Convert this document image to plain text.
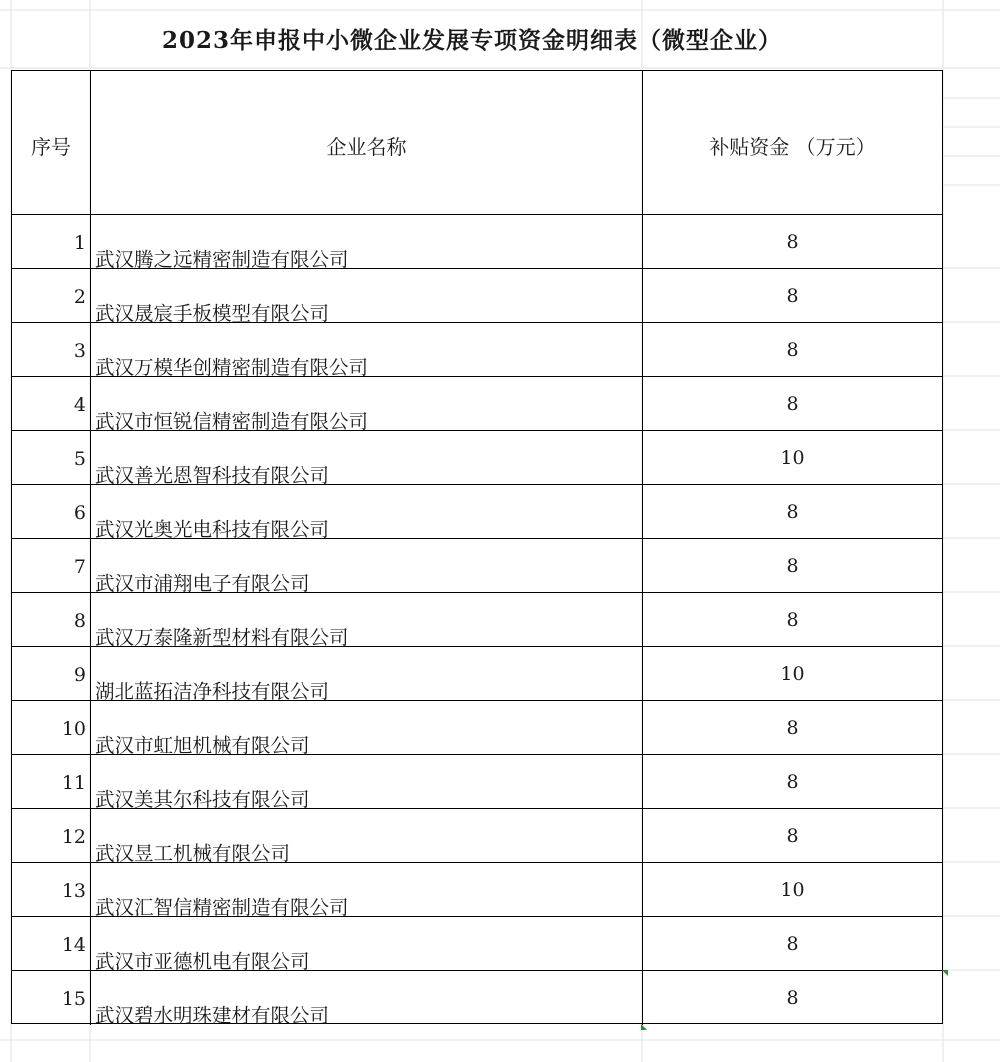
2023年申报中小微企业发展专项资金明细表（微型企业）
序号	企业名称	补贴资金 （万元）
1
武汉腾之远精密制造有限公司
8
2
武汉晟宸手板模型有限公司
8
3
武汉万模华创精密制造有限公司
8
4
武汉市恒锐信精密制造有限公司
8
5
武汉善光恩智科技有限公司
10
6
武汉光奥光电科技有限公司
8
7
武汉市浦翔电子有限公司
8
8
武汉万泰隆新型材料有限公司
8
9
湖北蓝拓洁净科技有限公司
10
10
武汉市虹旭机械有限公司
8
11
武汉美其尔科技有限公司
8
12
武汉昱工机械有限公司
8
13
武汉汇智信精密制造有限公司
10
14
武汉市亚德机电有限公司
8
15
武汉碧水明珠建材有限公司
8
